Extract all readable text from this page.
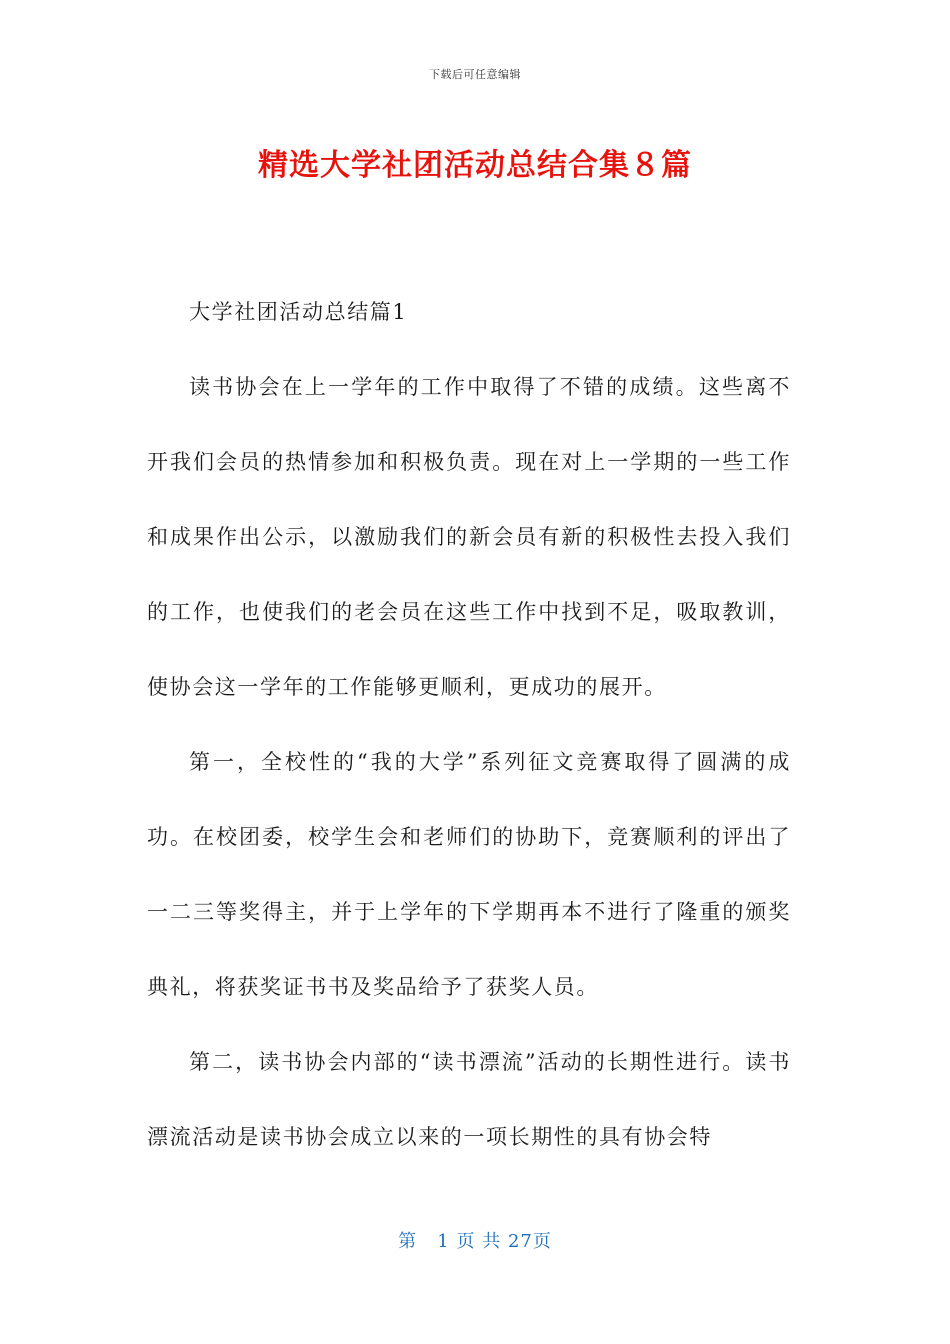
下载后可任意编辑
精选大学社团活动总结合集８篇

大学社团活动总结篇1

读书协会在上一学年的工作中取得了不错的成绩。这些离不开我们会员的热情参加和积极负责。现在对上一学期的一些工作和成果作出公示，以激励我们的新会员有新的积极性去投入我们的工作，也使我们的老会员在这些工作中找到不足，吸取教训，使协会这一学年的工作能够更顺利，更成功的展开。

第一，全校性的“我的大学”系列征文竞赛取得了圆满的成功。在校团委，校学生会和老师们的协助下，竞赛顺利的评出了一二三等奖得主，并于上学年的下学期再本不进行了隆重的颁奖典礼，将获奖证书书及奖品给予了获奖人员。

第二，读书协会内部的“读书漂流”活动的长期性进行。读书漂流活动是读书协会成立以来的一项长期性的具有协会特

第 1 页 共 27页
